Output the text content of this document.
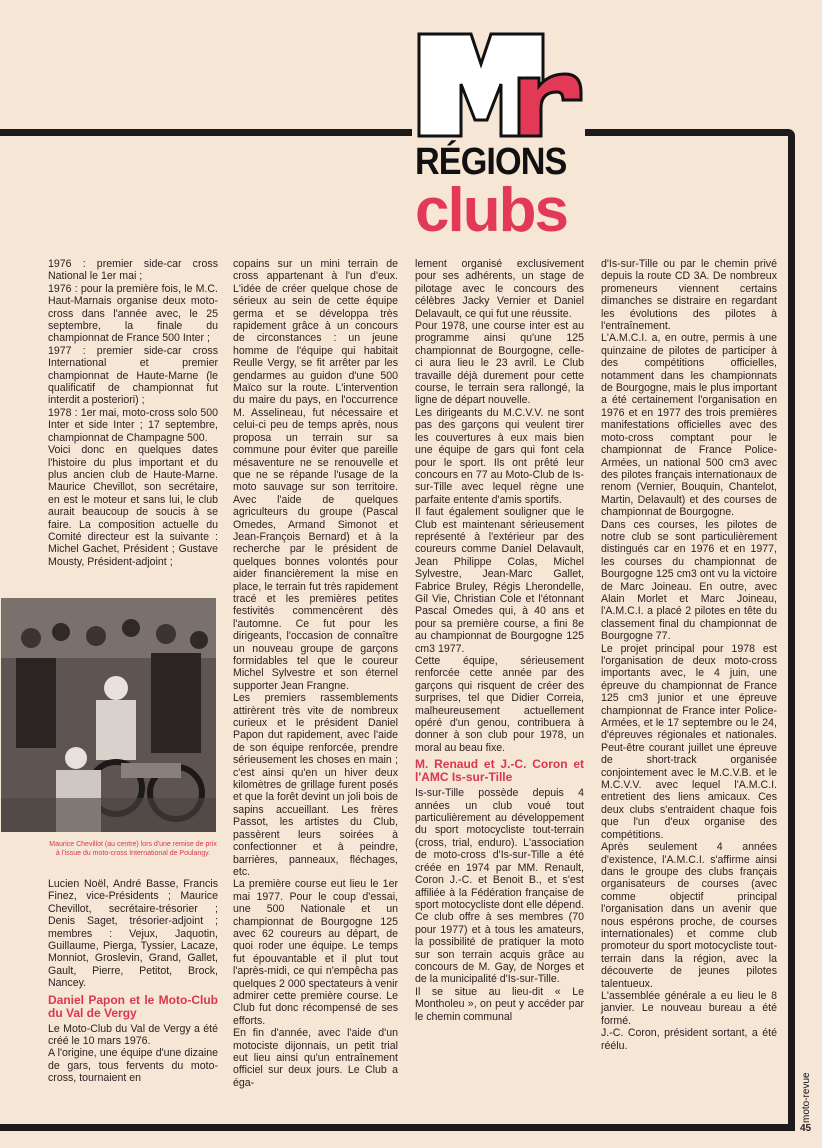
Mr
RÉGIONS
clubs

1976 : premier side-car cross National le 1er mai ;

1976 : pour la première fois, le M.C. Haut-Marnais organise deux moto-cross dans l'année avec, le 25 septembre, la finale du championnat de France 500 Inter ;

1977 : premier side-car cross International et premier championnat de Haute-Marne (le qualificatif de championnat fut interdit a posteriori) ;

1978 : 1er mai, moto-cross solo 500 Inter et side Inter ; 17 septembre, championnat de Champagne 500.

Voici donc en quelques dates l'histoire du plus important et du plus ancien club de Haute-Marne. Maurice Chevillot, son secrétaire, en est le moteur et sans lui, le club aurait beaucoup de soucis à se faire. La composition actuelle du Comité directeur est la suivante : Michel Gachet, Président ; Gustave Mousty, Président-adjoint ;

Maurice Chevillot (au centre) lors d'une remise de prix à l'issue du moto-cross International de Poulangy.

Lucien Noël, André Basse, Francis Finez, vice-Présidents ; Maurice Chevillot, secrétaire-trésorier ; Denis Saget, trésorier-adjoint ; membres : Vejux, Jaquotin, Guillaume, Pierga, Tyssier, Lacaze, Monniot, Groslevin, Grand, Gallet, Gault, Pierre, Petitot, Brock, Nancey.

Daniel Papon et le Moto-Club du Val de Vergy

Le Moto-Club du Val de Vergy a été créé le 10 mars 1976.

A l'origine, une équipe d'une dizaine de gars, tous fervents du moto-cross, tournaient en

copains sur un mini terrain de cross appartenant à l'un d'eux. L'idée de créer quelque chose de sérieux au sein de cette équipe germa et se développa très rapidement grâce à un concours de circonstances : un jeune homme de l'équipe qui habitait Reulle Vergy, se fit arrêter par les gendarmes au guidon d'une 500 Maïco sur la route. L'intervention du maire du pays, en l'occurrence M. Asselineau, fut nécessaire et celui-ci peu de temps après, nous proposa un terrain sur sa commune pour éviter que pareille mésaventure ne se renouvelle et que ne se répande l'usage de la moto sauvage sur son territoire. Avec l'aide de quelques agriculteurs du groupe (Pascal Omedes, Armand Simonot et Jean-François Bernard) et à la recherche par le président de quelques bonnes volontés pour aider financièrement la mise en place, le terrain fut très rapidement tracé et les premières petites festivités commencèrent dès l'automne. Ce fut pour les dirigeants, l'occasion de connaître un nouveau groupe de garçons formidables tel que le coureur Michel Sylvestre et son éternel supporter Jean Frangne.

Les premiers rassemblements attirèrent très vite de nombreux curieux et le président Daniel Papon dut rapidement, avec l'aide de son équipe renforcée, prendre sérieusement les choses en main ; c'est ainsi qu'en un hiver deux kilomètres de grillage furent posés et que la forêt devint un joli bois de sapins accueillant. Les frères Passot, les artistes du Club, passèrent leurs soirées à confectionner et à peindre, barrières, panneaux, fléchages, etc.

La première course eut lieu le 1er mai 1977. Pour le coup d'essai, une 500 Nationale et un championnat de Bourgogne 125 avec 62 coureurs au départ, de quoi roder une équipe. Le temps fut épouvantable et il plut tout l'après-midi, ce qui n'empêcha pas quelques 2 000 spectateurs à venir admirer cette première course. Le Club fut donc récompensé de ses efforts.

En fin d'année, avec l'aide d'un motociste dijonnais, un petit trial eut lieu ainsi qu'un entraînement officiel sur deux jours. Le Club a éga-

lement organisé exclusivement pour ses adhérents, un stage de pilotage avec le concours des célèbres Jacky Vernier et Daniel Delavault, ce qui fut une réussite.

Pour 1978, une course inter est au programme ainsi qu'une 125 championnat de Bourgogne, celle-ci aura lieu le 23 avril. Le Club travaille déjà durement pour cette course, le terrain sera rallongé, la ligne de départ nouvelle.

Les dirigeants du M.C.V.V. ne sont pas des garçons qui veulent tirer les couvertures à eux mais bien une équipe de gars qui font cela pour le sport. Ils ont prêté leur concours en 77 au Moto-Club de Is-sur-Tille avec lequel règne une parfaite entente d'amis sportifs.

Il faut également souligner que le Club est maintenant sérieusement représenté à l'extérieur par des coureurs comme Daniel Delavault, Jean Philippe Colas, Michel Sylvestre, Jean-Marc Gallet, Fabrice Bruley, Régis Lherondelle, Gil Vie, Christian Cole et l'étonnant Pascal Omedes qui, à 40 ans et pour sa première course, a fini 8e au championnat de Bourgogne 125 cm3 1977.

Cette équipe, sérieusement renforcée cette année par des garçons qui risquent de créer des surprises, tel que Didier Correia, malheureusement actuellement opéré d'un genou, contribuera à donner à son club pour 1978, un moral au beau fixe.

M. Renaud et J.-C. Coron et l'AMC Is-sur-Tille

Is-sur-Tille possède depuis 4 années un club voué tout particulièrement au développement du sport motocycliste tout-terrain (cross, trial, enduro). L'association de moto-cross d'Is-sur-Tille a été créée en 1974 par MM. Renault, Coron J.-C. et Benoit B., et s'est affiliée à la Fédération française de sport motocycliste dont elle dépend.

Ce club offre à ses membres (70 pour 1977) et à tous les amateurs, la possibilité de pratiquer la moto sur son terrain acquis grâce au concours de M. Gay, de Norges et de la municipalité d'Is-sur-Tille.

Il se situe au lieu-dit « Le Montholeu », on peut y accéder par le chemin communal

d'Is-sur-Tille ou par le chemin privé depuis la route CD 3A. De nombreux promeneurs viennent certains dimanches se distraire en regardant les évolutions des pilotes à l'entraînement.

L'A.M.C.I. a, en outre, permis à une quinzaine de pilotes de participer à des compétitions officielles, notamment dans les championnats de Bourgogne, mais le plus important a été certainement l'organisation en 1976 et en 1977 des trois premières manifestations officielles avec des moto-cross comptant pour le championnat de France Police-Armées, un national 500 cm3 avec des pilotes français internationaux de renom (Vernier, Bouquin, Chantelot, Martin, Delavault) et des courses de championnat de Bourgogne.

Dans ces courses, les pilotes de notre club se sont particulièrement distingués car en 1976 et en 1977, les courses du championnat de Bourgogne 125 cm3 ont vu la victoire de Marc Joineau. En outre, avec Alain Morlet et Marc Joineau, l'A.M.C.I. a placé 2 pilotes en tête du classement final du championnat de Bourgogne 77.

Le projet principal pour 1978 est l'organisation de deux moto-cross importants avec, le 4 juin, une épreuve du championnat de France 125 cm3 junior et une épreuve championnat de France inter Police-Armées, et le 17 septembre ou le 24, d'épreuves régionales et nationales. Peut-être courant juillet une épreuve de short-track organisée conjointement avec le M.C.V.B. et le M.C.V.V. avec lequel l'A.M.C.I. entretient des liens amicaux. Ces deux clubs s'entraident chaque fois que l'un d'eux organise des compétitions.

Après seulement 4 années d'existence, l'A.M.C.I. s'affirme ainsi dans le groupe des clubs français organisateurs de courses (avec comme objectif principal l'organisation dans un avenir que nous espérons proche, de courses internationales) et comme club promoteur du sport motocycliste tout-terrain dans la région, avec la découverte de jeunes pilotes talentueux.

L'assemblée générale a eu lieu le 8 janvier. Le nouveau bureau a été formé.

J.-C. Coron, président sortant, a été réélu.

moto-revue
45
